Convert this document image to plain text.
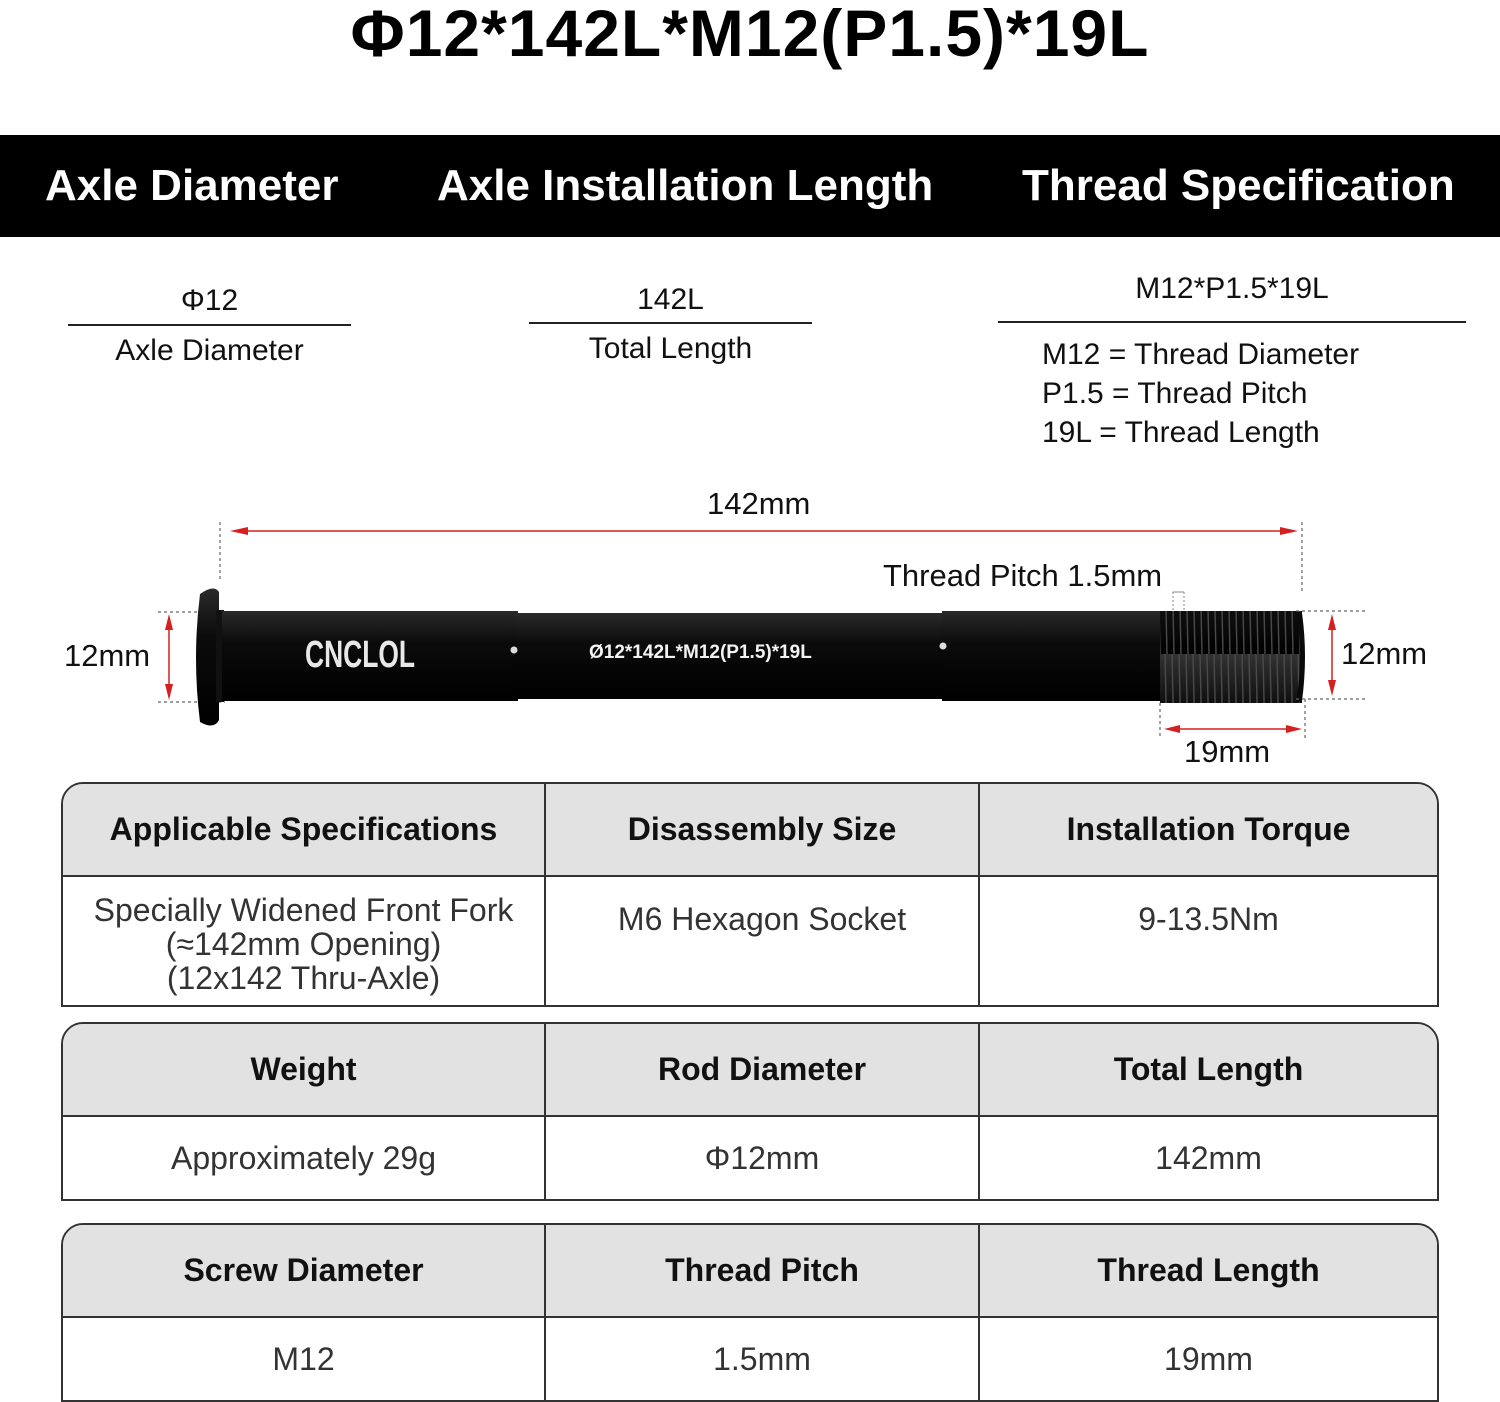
Φ12*142L*M12(P1.5)*19L
Axle Diameter Axle Installation Length Thread Specification
Φ12
Axle Diameter
142L
Total Length
M12*P1.5*19L
M12 = Thread Diameter
P1.5 = Thread Pitch
19L = Thread Length
CNCLOL	Ø12*142L*M12(P1.5)*19L
142mm
Thread Pitch 1.5mm
12mm	12mm
19mm
Applicable Specifications	Disassembly Size	Installation Torque
Specially Widened Front Fork
(≈142mm Opening)
(12x142 Thru-Axle)
M6 Hexagon Socket	9-13.5Nm
Weight	Rod Diameter	Total Length
Approximately 29g	Φ12mm	142mm
Screw Diameter	Thread Pitch	Thread Length
M12	1.5mm	19mm
